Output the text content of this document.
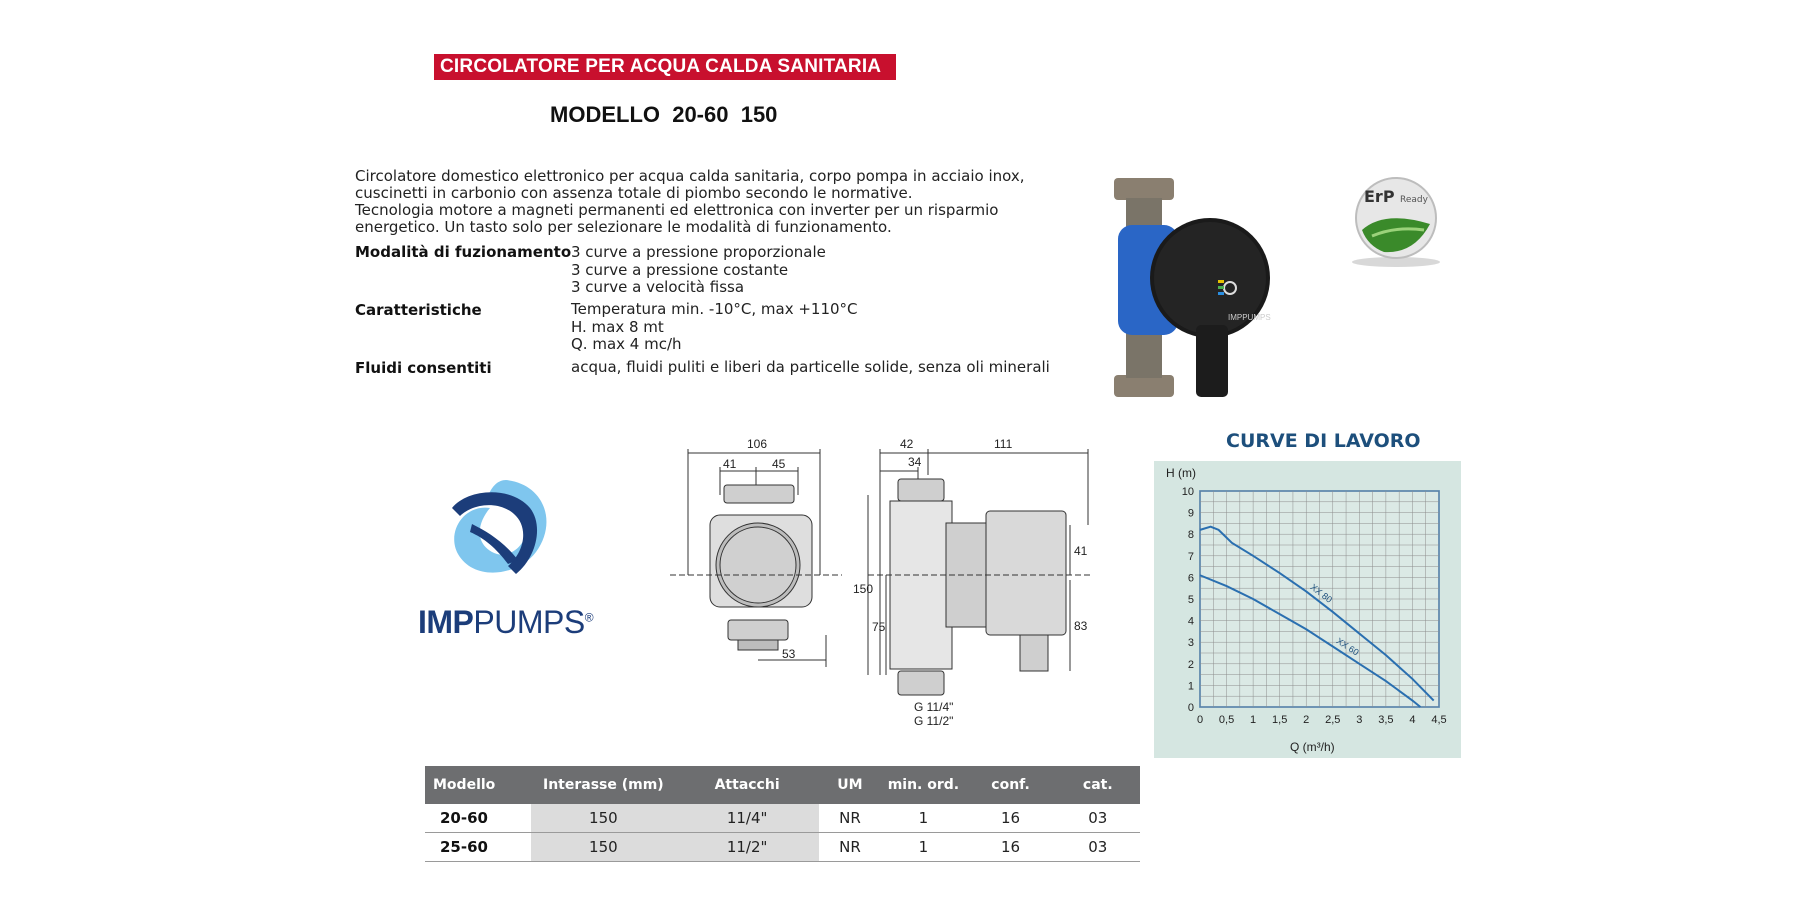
CIRCOLATORE PER ACQUA CALDA SANITARIA
MODELLO  20-60  150
Circolatore domestico elettronico per acqua calda sanitaria, corpo pompa in acciaio inox,
cuscinetti in carbonio con assenza totale di piombo secondo le normative.
Tecnologia motore a magneti permanenti ed elettronica con inverter per un risparmio
energetico. Un tasto solo per selezionare le modalità di funzionamento.
Modalità di fuzionamento 3 curve a pressione proporzionale
3 curve a pressione costante
3 curve a velocità fissa
Caratteristiche	Temperatura min. -10°C, max +110°C
H. max 8 mt
Q. max 4 mc/h
Fluidi consentiti	acqua, fluidi puliti e liberi da particelle solide, senza oli minerali
IMPPUMPS
ErP Ready
IMPPUMPS®
106
41	45
53
42
34
111
41
83
150
75
G 11/4"
G 11/2"
CURVE DI LAVORO
0 0,5 1 1,5 2 2,5 3 3,5 4 4,5
0
1
2
3
4
5
6
7
8
9
10
XX 80
XX 60
H (m)
Q (m³/h)
Modello	Interasse (mm)	Attacchi	UM	min. ord.	conf.	cat.
20-60	150	11/4"	NR	1	16	03
25-60	150	11/2"	NR	1	16	03
